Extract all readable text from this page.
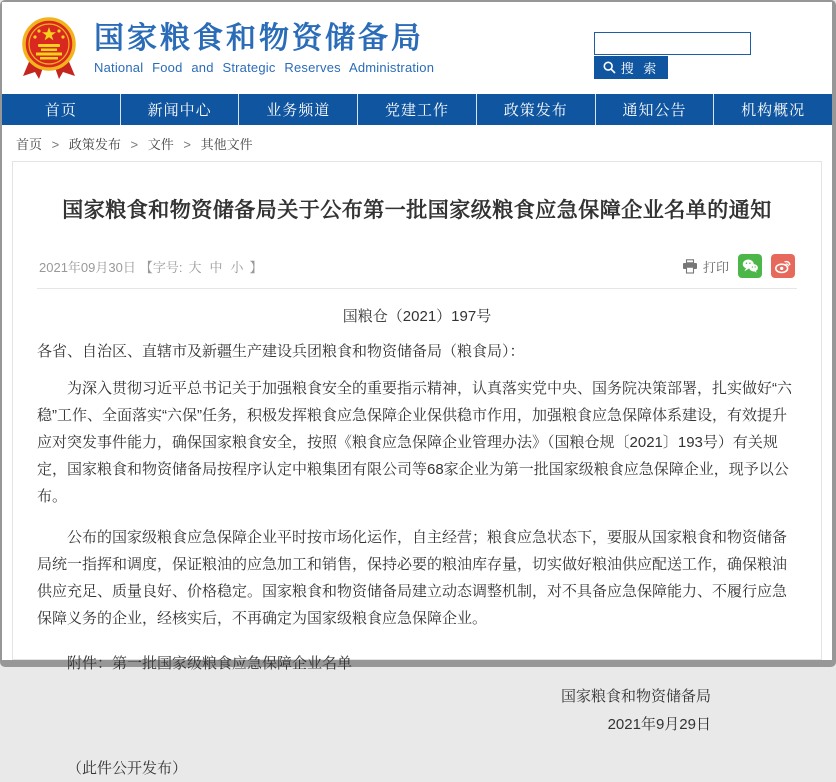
国家粮食和物资储备局
National Food and Strategic Reserves Administration	搜 索
首页	新闻中心	业务频道	党建工作	政策发布	通知公告	机构概况
首页 > 政策发布 > 文件 > 其他文件
国家粮食和物资储备局关于公布第一批国家级粮食应急保障企业名单的通知
2021年09月30日 【字号: 大 中 小 】	打印
国粮仓（2021）197号
各省、自治区、直辖市及新疆生产建设兵团粮食和物资储备局（粮食局）：

为深入贯彻习近平总书记关于加强粮食安全的重要指示精神，认真落实党中央、国务院决策部署，扎实做好“六稳”工作、全面落实“六保”任务，积极发挥粮食应急保障企业保供稳市作用，加强粮食应急保障体系建设，有效提升应对突发事件能力，确保国家粮食安全，按照《粮食应急保障企业管理办法》（国粮仓规〔2021〕193号）有关规定，国家粮食和物资储备局按程序认定中粮集团有限公司等68家企业为第一批国家级粮食应急保障企业，现予以公布。

公布的国家级粮食应急保障企业平时按市场化运作，自主经营；粮食应急状态下，要服从国家粮食和物资储备局统一指挥和调度，保证粮油的应急加工和销售，保持必要的粮油库存量，切实做好粮油供应配送工作，确保粮油供应充足、质量良好、价格稳定。国家粮食和物资储备局建立动态调整机制，对不具备应急保障能力、不履行应急保障义务的企业，经核实后，不再确定为国家级粮食应急保障企业。

附件：第一批国家级粮食应急保障企业名单
国家粮食和物资储备局
2021年9月29日
（此件公开发布）
